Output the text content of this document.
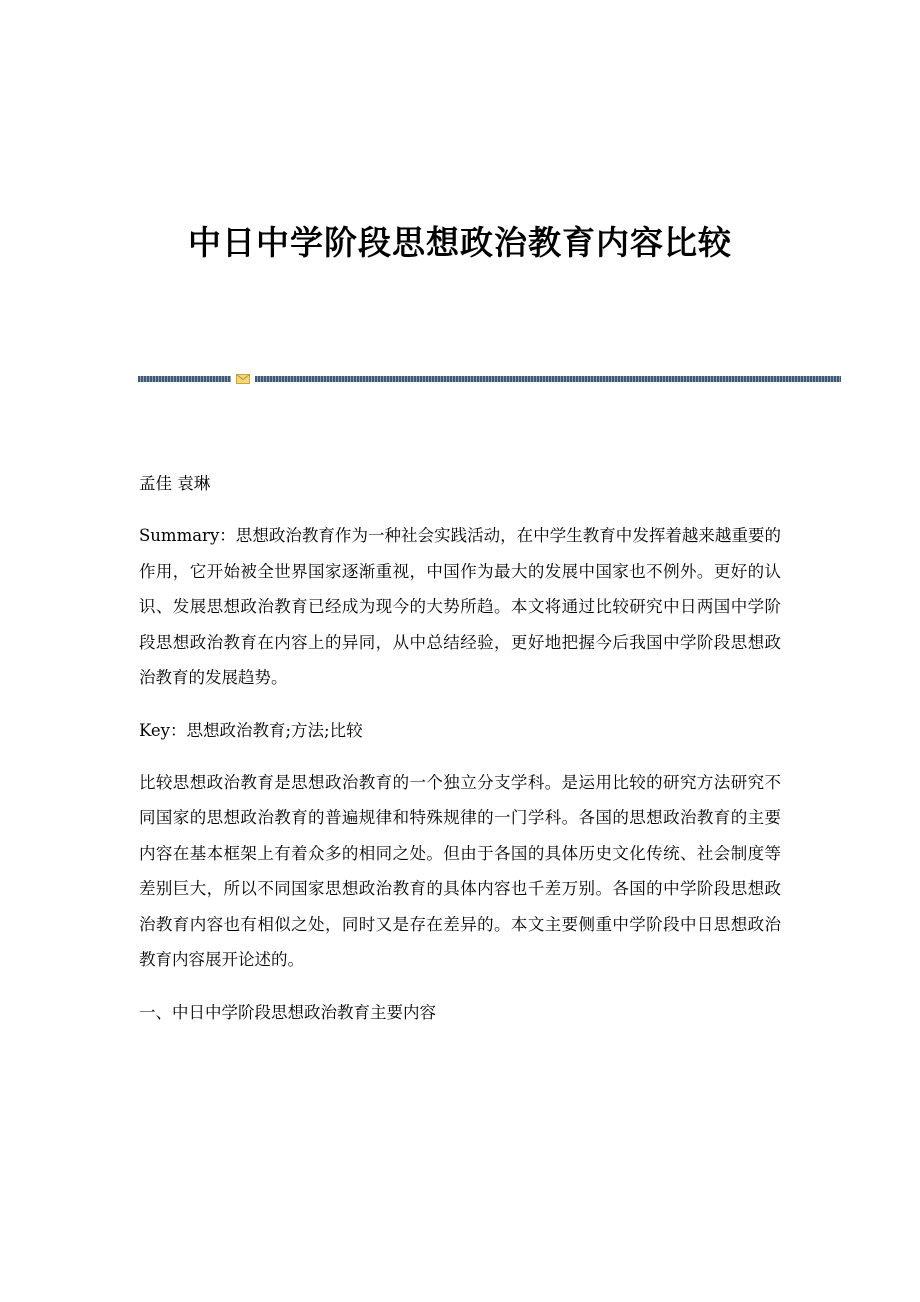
中日中学阶段思想政治教育内容比较

孟佳 袁琳

Summary：思想政治教育作为一种社会实践活动，在中学生教育中发挥着越来越重要的作用，它开始被全世界国家逐渐重视，中国作为最大的发展中国家也不例外。更好的认识、发展思想政治教育已经成为现今的大势所趋。本文将通过比较研究中日两国中学阶段思想政治教育在内容上的异同，从中总结经验，更好地把握今后我国中学阶段思想政治教育的发展趋势。

Key：思想政治教育;方法;比较

比较思想政治教育是思想政治教育的一个独立分支学科。是运用比较的研究方法研究不同国家的思想政治教育的普遍规律和特殊规律的一门学科。各国的思想政治教育的主要内容在基本框架上有着众多的相同之处。但由于各国的具体历史文化传统、社会制度等差别巨大，所以不同国家思想政治教育的具体内容也千差万别。各国的中学阶段思想政治教育内容也有相似之处，同时又是存在差异的。本文主要侧重中学阶段中日思想政治教育内容展开论述的。

一、中日中学阶段思想政治教育主要内容
